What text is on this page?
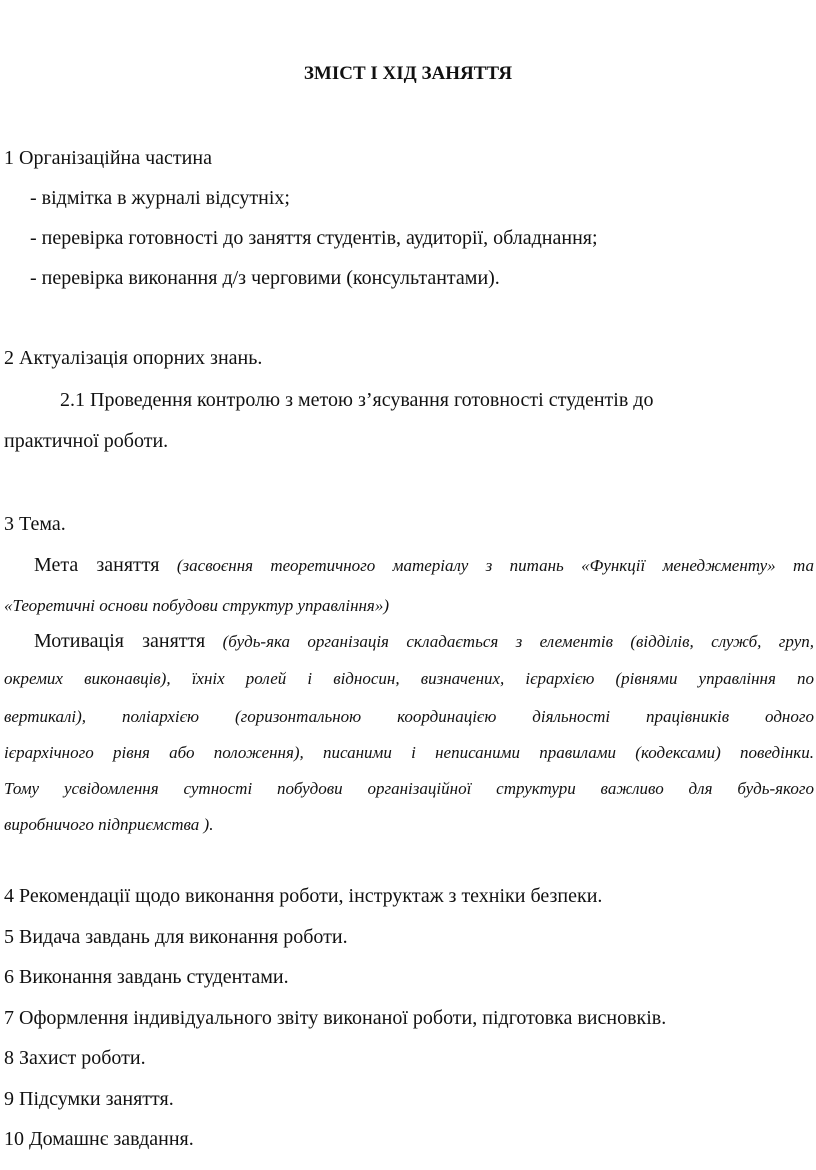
ЗМІСТ І ХІД ЗАНЯТТЯ
1 Організаційна частина
- відмітка в журналі відсутніх;
- перевірка готовності до заняття студентів, аудиторії, обладнання;
- перевірка виконання д/з черговими (консультантами).
2 Актуалізація опорних знань.
2.1 Проведення контролю з метою з’ясування готовності студентів до
практичної роботи.
3 Тема.
Мета заняття (засвоєння теоретичного матеріалу з питань «Функції менеджменту» та
«Теоретичні основи побудови структур управління»)
Мотивація заняття (будь-яка організація складається з елементів (відділів, служб, груп,
окремих виконавців), їхніх ролей і відносин, визначених, ієрархією (рівнями управління по
вертикалі), поліархією (горизонтальною координацією діяльності працівників одного
ієрархічного рівня або положення), писаними і неписаними правилами (кодексами) поведінки.
Тому усвідомлення сутності побудови організаційної структури важливо для будь-якого
виробничого підприємства ).
4 Рекомендації щодо виконання роботи, інструктаж з техніки безпеки.
5 Видача завдань для виконання роботи.
6 Виконання завдань студентами.
7 Оформлення індивідуального звіту виконаної роботи, підготовка висновків.
8 Захист роботи.
9 Підсумки заняття.
10 Домашнє завдання.
